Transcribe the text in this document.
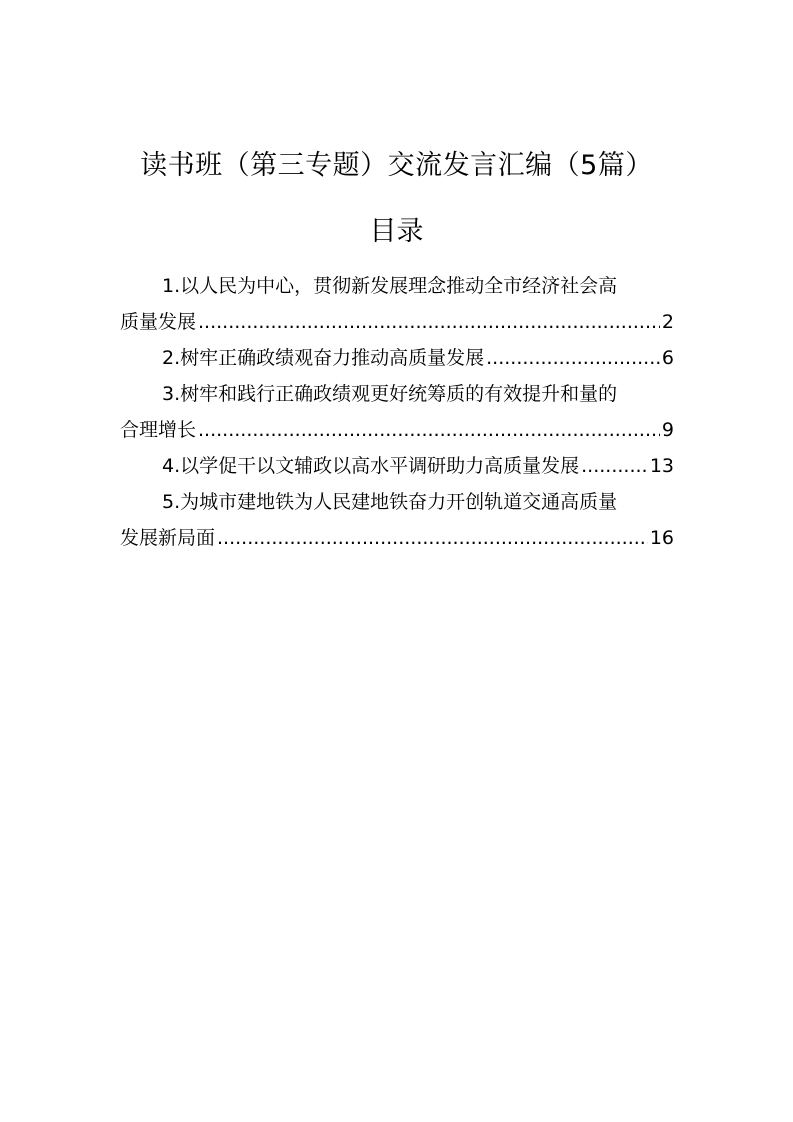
读书班（第三专题）交流发言汇编（5篇）
目录
1.以人民为中心，贯彻新发展理念推动全市经济社会高
质量发展 .....	2
2.树牢正确政绩观奋力推动高质量发展 .....	6
3.树牢和践行正确政绩观更好统筹质的有效提升和量的
合理增长 .....	9
4.以学促干以文辅政以高水平调研助力高质量发展 .....	13
5.为城市建地铁为人民建地铁奋力开创轨道交通高质量
发展新局面 .....	16
